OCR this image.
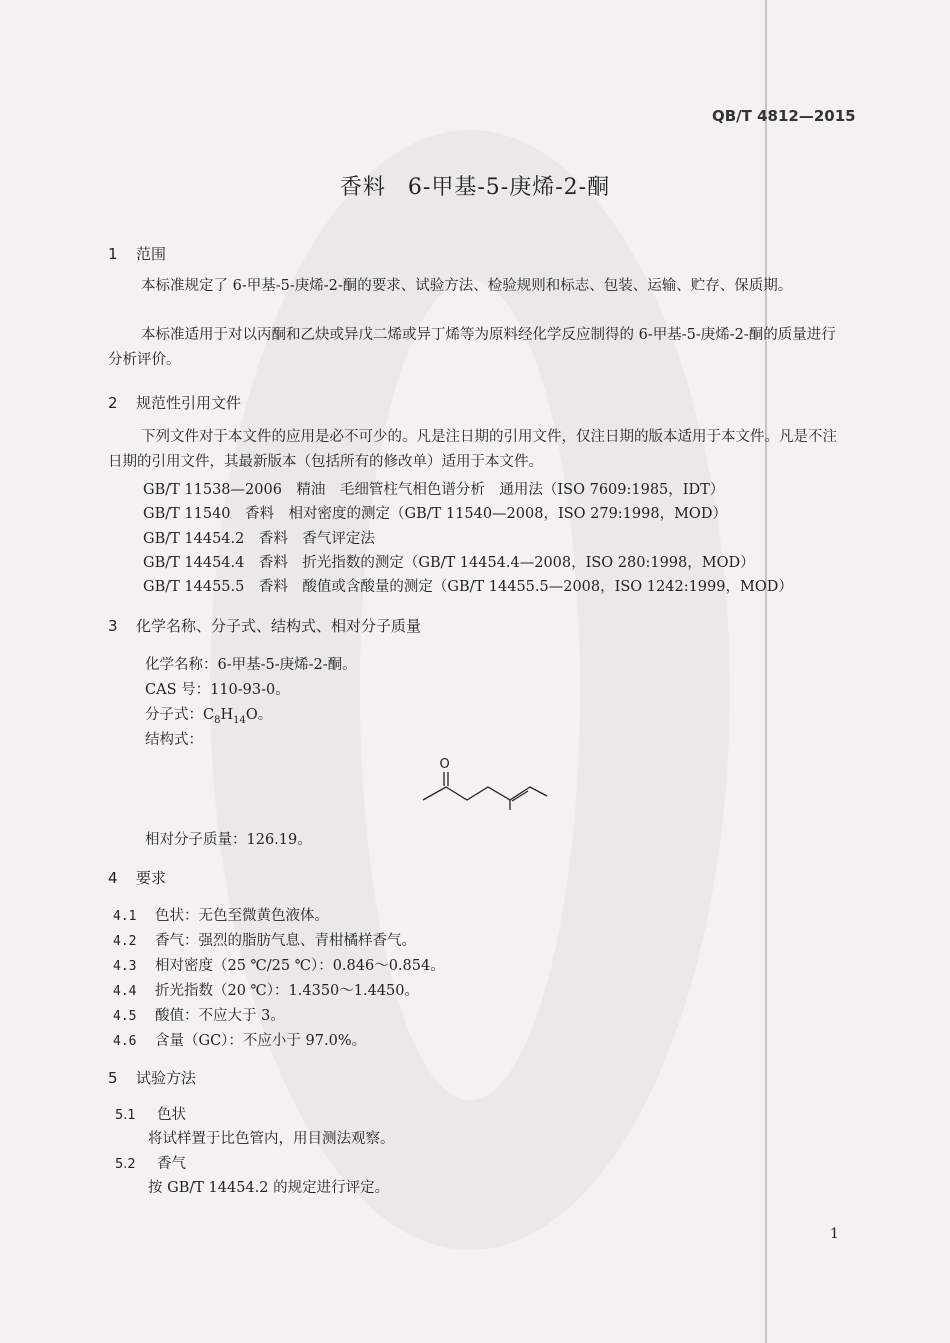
QB/T 4812—2015
香料 6-甲基-5-庚烯-2-酮
1 范围
本标准规定了 6-甲基-5-庚烯-2-酮的要求、试验方法、检验规则和标志、包装、运输、贮存、保质期。
本标准适用于对以丙酮和乙炔或异戊二烯或异丁烯等为原料经化学反应制得的 6-甲基-5-庚烯-2-酮的质量进行分析评价。
2 规范性引用文件
下列文件对于本文件的应用是必不可少的。凡是注日期的引用文件，仅注日期的版本适用于本文件。凡是不注日期的引用文件，其最新版本（包括所有的修改单）适用于本文件。
GB/T 11538—2006　精油　毛细管柱气相色谱分析　通用法（ISO 7609:1985，IDT）
GB/T 11540　香料　相对密度的测定（GB/T 11540—2008，ISO 279:1998，MOD）
GB/T 14454.2　香料　香气评定法
GB/T 14454.4　香料　折光指数的测定（GB/T 14454.4—2008，ISO 280:1998，MOD）
GB/T 14455.5　香料　酸值或含酸量的测定（GB/T 14455.5—2008，ISO 1242:1999，MOD）
3 化学名称、分子式、结构式、相对分子质量
化学名称：6-甲基-5-庚烯-2-酮。
CAS 号：110-93-0。
分子式：$C_8H_{14}O$。
结构式：
O
相对分子质量：126.19。
4 要求
4.1 色状：无色至微黄色液体。
4.2 香气：强烈的脂肪气息、青柑橘样香气。
4.3 相对密度（25 ℃/25 ℃）：0.846～0.854。
4.4 折光指数（20 ℃）：1.4350～1.4450。
4.5 酸值：不应大于 3。
4.6 含量（GC）：不应小于 97.0%。
5 试验方法
5.1 色状
将试样置于比色管内，用目测法观察。
5.2 香气
按 GB/T 14454.2 的规定进行评定。
1
